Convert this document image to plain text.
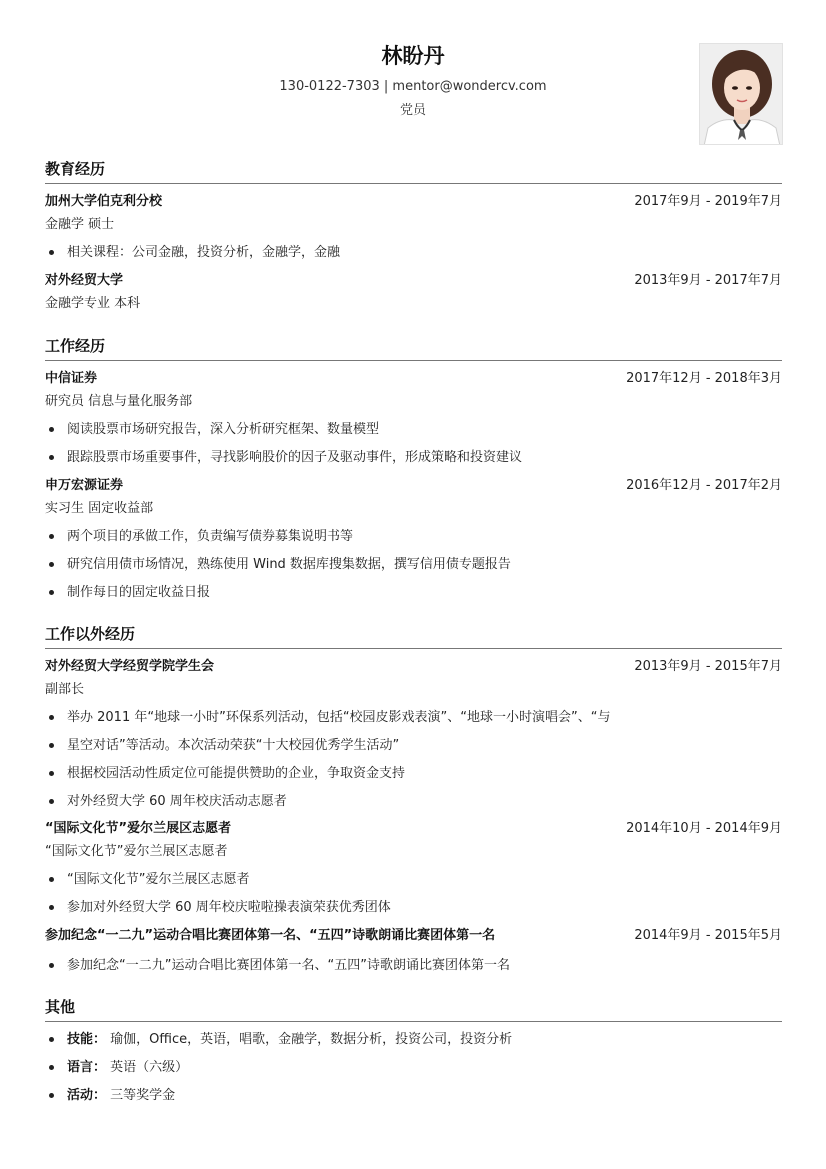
林盼丹
130-0122-7303 | mentor@wondercv.com
党员
教育经历
加州大学伯克利分校	2017年9月 - 2019年7月
金融学 硕士
相关课程：公司金融，投资分析，金融学，金融
对外经贸大学	2013年9月 - 2017年7月
金融学专业 本科
工作经历
中信证券	2017年12月 - 2018年3月
研究员 信息与量化服务部
阅读股票市场研究报告，深入分析研究框架、数量模型
跟踪股票市场重要事件，寻找影响股价的因子及驱动事件，形成策略和投资建议
申万宏源证券	2016年12月 - 2017年2月
实习生 固定收益部
两个项目的承做工作，负责编写债券募集说明书等
研究信用债市场情况，熟练使用 Wind 数据库搜集数据，撰写信用债专题报告
制作每日的固定收益日报
工作以外经历
对外经贸大学经贸学院学生会	2013年9月 - 2015年7月
副部长
举办 2011 年“地球一小时”环保系列活动，包括“校园皮影戏表演”、“地球一小时演唱会”、“与
星空对话”等活动。本次活动荣获“十大校园优秀学生活动”
根据校园活动性质定位可能提供赞助的企业，争取资金支持
对外经贸大学 60 周年校庆活动志愿者
“国际文化节”爱尔兰展区志愿者	2014年10月 - 2014年9月
“国际文化节”爱尔兰展区志愿者
“国际文化节”爱尔兰展区志愿者
参加对外经贸大学 60 周年校庆啦啦操表演荣获优秀团体
参加纪念“一二九”运动合唱比赛团体第一名、“五四”诗歌朗诵比赛团体第一名	2014年9月 - 2015年5月
参加纪念“一二九”运动合唱比赛团体第一名、“五四”诗歌朗诵比赛团体第一名
其他
技能： 瑜伽，Office，英语，唱歌，金融学，数据分析，投资公司，投资分析
语言： 英语（六级）
活动： 三等奖学金
